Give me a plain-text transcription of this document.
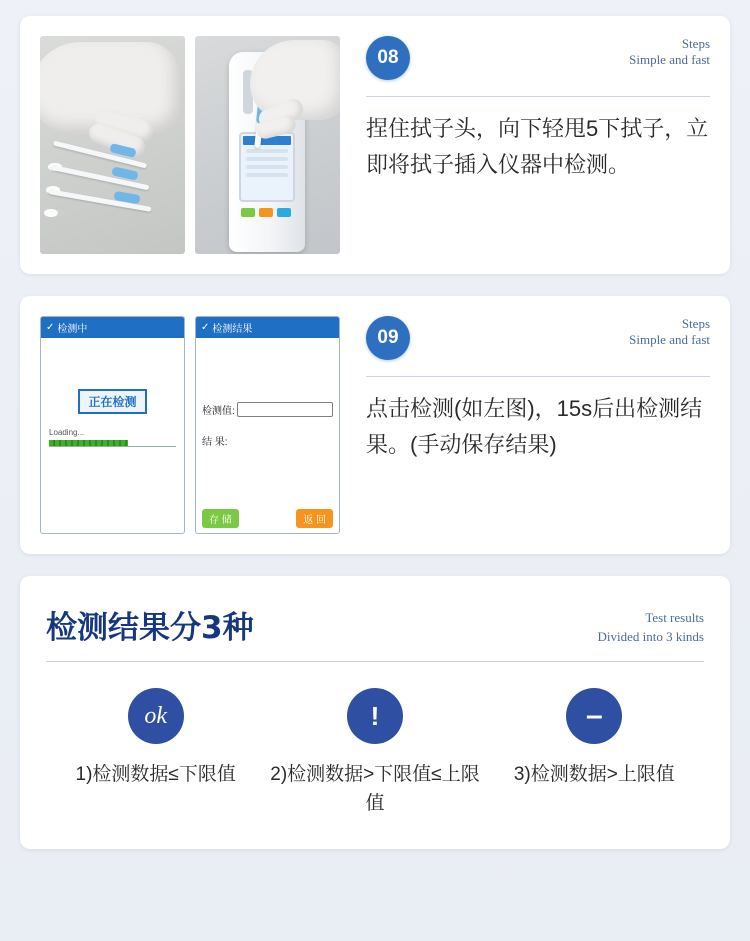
08
Steps
Simple and fast
捏住拭子头，向下轻甩5下拭子，立即将拭子插入仪器中检测。
✓ 检测中
正在检测
Loading...
✓ 检测结果
检测值:
结 果:
存 储	返 回
09
Steps
Simple and fast
点击检测(如左图)，15s后出检测结果。(手动保存结果)
检测结果分3种	Test results
Divided into 3 kinds
ok
1)检测数据≤下限值
!
2)检测数据>下限值≤上限值
–
3)检测数据>上限值
